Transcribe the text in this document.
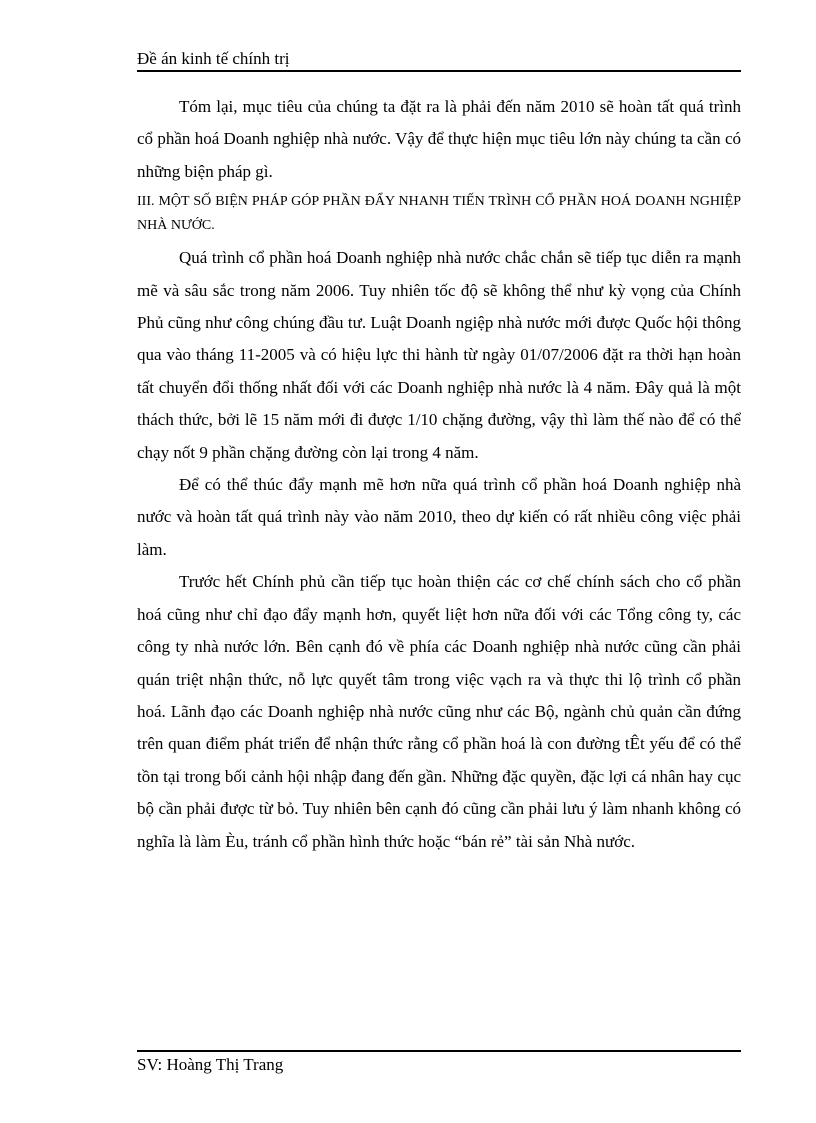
Đề án kinh tế chính trị

Tóm lại, mục tiêu của chúng ta đặt ra là phải đến năm 2010 sẽ hoàn tất quá trình cổ phần hoá Doanh nghiệp nhà nước. Vậy để thực hiện mục tiêu lớn này chúng ta cần có những biện pháp gì.

III. MỘT SỐ BIỆN PHÁP GÓP PHẦN ĐẨY NHANH TIẾN TRÌNH CỔ PHẦN HOÁ DOANH NGHIỆP NHÀ NƯỚC.

Quá trình cổ phần hoá Doanh nghiệp nhà nước chắc chắn sẽ tiếp tục diễn ra mạnh mẽ và sâu sắc trong năm 2006. Tuy nhiên tốc độ sẽ không thể như kỳ vọng của Chính Phủ cũng như công chúng đầu tư. Luật Doanh ngiệp nhà nước mới được Quốc hội thông qua vào tháng 11-2005 và có hiệu lực thi hành từ ngày 01/07/2006 đặt ra thời hạn hoàn tất chuyển đổi thống nhất đối với các Doanh nghiệp nhà nước là 4 năm. Đây quả là một thách thức, bởi lẽ 15 năm mới đi được 1/10 chặng đường, vậy thì làm thế nào để có thể chạy nốt 9 phần chặng đường còn lại trong 4 năm.

Để có thể thúc đẩy mạnh mẽ hơn nữa quá trình cổ phần hoá Doanh nghiệp nhà nước và hoàn tất quá trình này vào năm 2010, theo dự kiến có rất nhiều công việc phải làm.

Trước hết Chính phủ cần tiếp tục hoàn thiện các cơ chế chính sách cho cổ phần hoá cũng như chỉ đạo đẩy mạnh hơn, quyết liệt hơn nữa đối với các Tổng công ty, các công ty nhà nước lớn. Bên cạnh đó về phía các Doanh nghiệp nhà nước cũng cần phải quán triệt nhận thức, nỗ lực quyết tâm trong việc vạch ra và thực thi lộ trình cổ phần hoá. Lãnh đạo các Doanh nghiệp nhà nước cũng như các Bộ, ngành chủ quản cần đứng trên quan điểm phát triển để nhận thức rằng cổ phần hoá là con đường tÊt yếu để có thể tồn tại trong bối cảnh hội nhập đang đến gần. Những đặc quyền, đặc lợi cá nhân hay cục bộ cần phải được từ bỏ. Tuy nhiên bên cạnh đó cũng cần phải lưu ý làm nhanh không có nghĩa là làm Èu, tránh cổ phần hình thức hoặc “bán rẻ” tài sản Nhà nước.

SV: Hoàng Thị Trang
